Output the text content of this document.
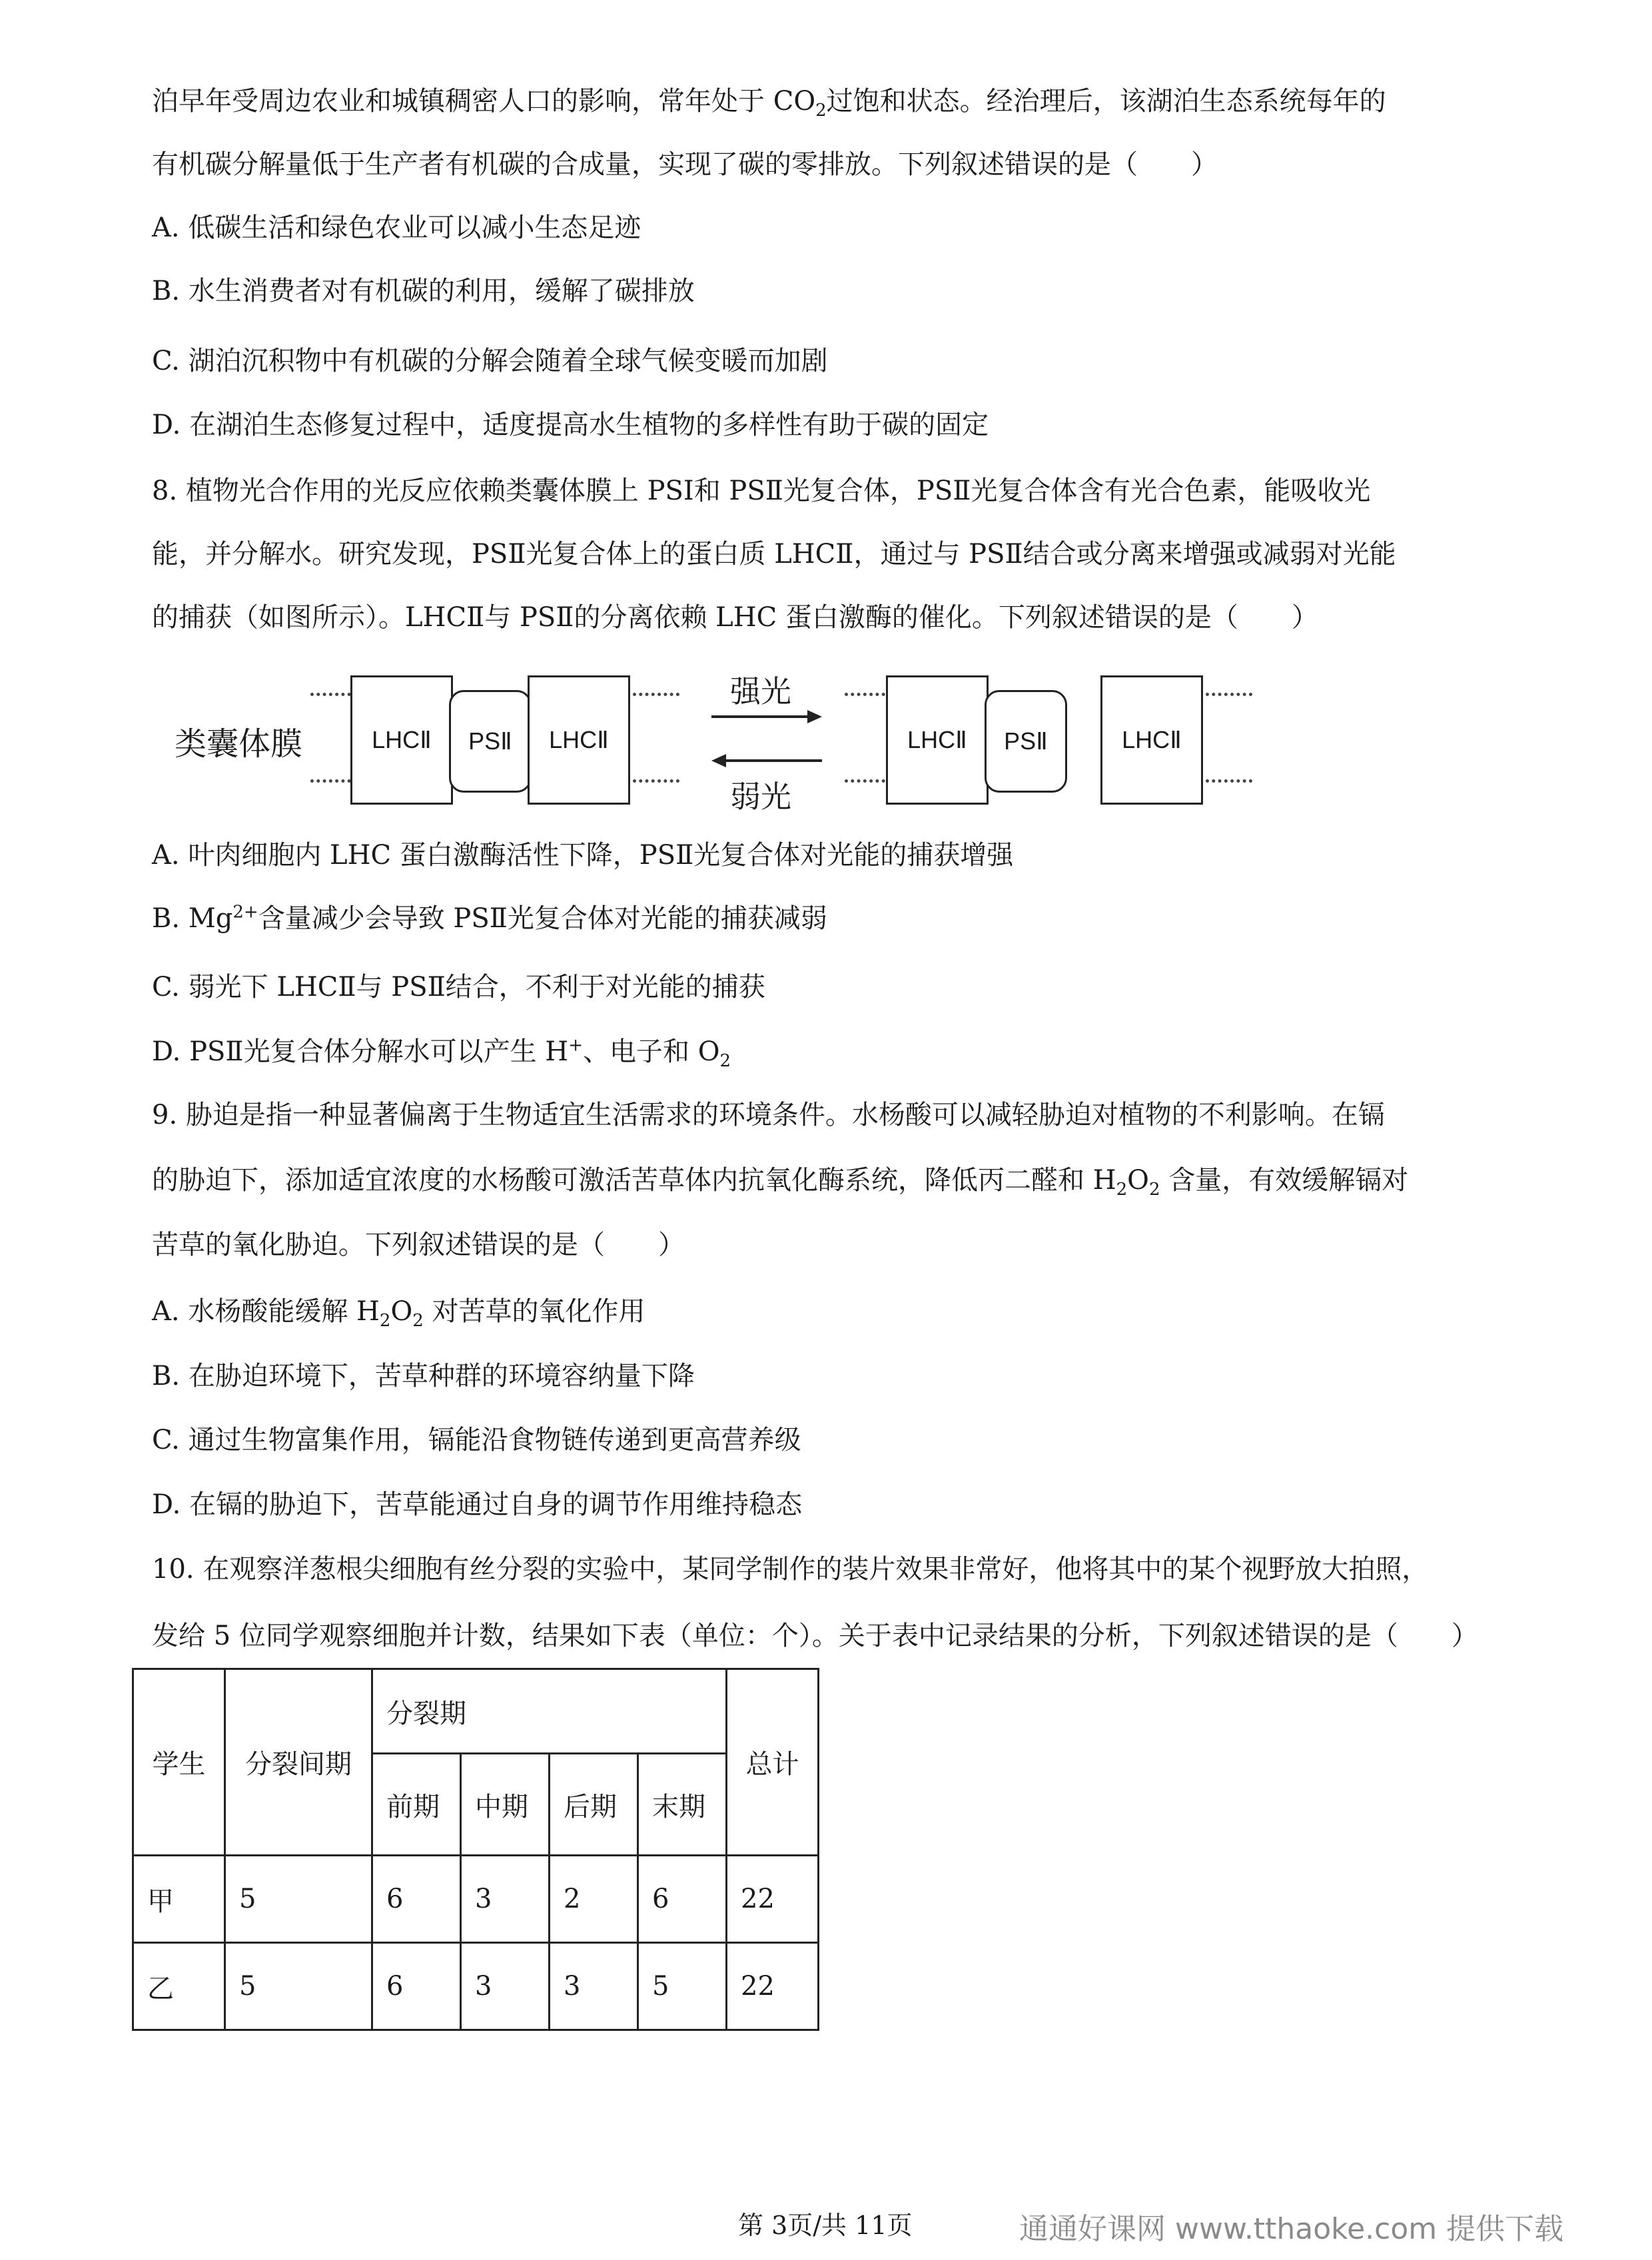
泊早年受周边农业和城镇稠密人口的影响，常年处于 $CO_2$过饱和状态。经治理后，该湖泊生态系统每年的
有机碳分解量低于生产者有机碳的合成量，实现了碳的零排放。下列叙述错误的是（　　）
A. 低碳生活和绿色农业可以减小生态足迹
B. 水生消费者对有机碳的利用，缓解了碳排放
C. 湖泊沉积物中有机碳的分解会随着全球气候变暖而加剧
D. 在湖泊生态修复过程中，适度提高水生植物的多样性有助于碳的固定
8. 植物光合作用的光反应依赖类囊体膜上 PSⅠ和 PSⅡ光复合体，PSⅡ光复合体含有光合色素，能吸收光
能，并分解水。研究发现，PSⅡ光复合体上的蛋白质 LHCⅡ，通过与 PSⅡ结合或分离来增强或减弱对光能
的捕获（如图所示）。LHCⅡ与 PSⅡ的分离依赖 LHC 蛋白激酶的催化。下列叙述错误的是（　　）
类囊体膜	LHCⅡ	PSⅡ	LHCⅡ
强光
弱光
LHCⅡ	PSⅡ	LHCⅡ
A. 叶肉细胞内 LHC 蛋白激酶活性下降，PSⅡ光复合体对光能的捕获增强
B. $Mg^{2+}$含量减少会导致 PSⅡ光复合体对光能的捕获减弱
C. 弱光下 LHCⅡ与 PSⅡ结合，不利于对光能的捕获
D. PSⅡ光复合体分解水可以产生 H+、电子和 $O_2$
9. 胁迫是指一种显著偏离于生物适宜生活需求的环境条件。水杨酸可以减轻胁迫对植物的不利影响。在镉
的胁迫下，添加适宜浓度的水杨酸可激活苦草体内抗氧化酶系统，降低丙二醛和 $H_2O_2$ 含量，有效缓解镉对
苦草的氧化胁迫。下列叙述错误的是（　　）
A. 水杨酸能缓解 $H_2O_2$ 对苦草的氧化作用
B. 在胁迫环境下，苦草种群的环境容纳量下降
C. 通过生物富集作用，镉能沿食物链传递到更高营养级
D. 在镉的胁迫下，苦草能通过自身的调节作用维持稳态
10. 在观察洋葱根尖细胞有丝分裂的实验中，某同学制作的装片效果非常好，他将其中的某个视野放大拍照，
发给 5 位同学观察细胞并计数，结果如下表（单位：个）。关于表中记录结果的分析，下列叙述错误的是（　　）
学生	分裂间期	分裂期				总计
		前期	中期	后期	末期	
甲	5	6	3	2	6	22
乙	5	6	3	3	5	22
第 3页/共 11页	通通好课网 www.tthaoke.com 提供下载
